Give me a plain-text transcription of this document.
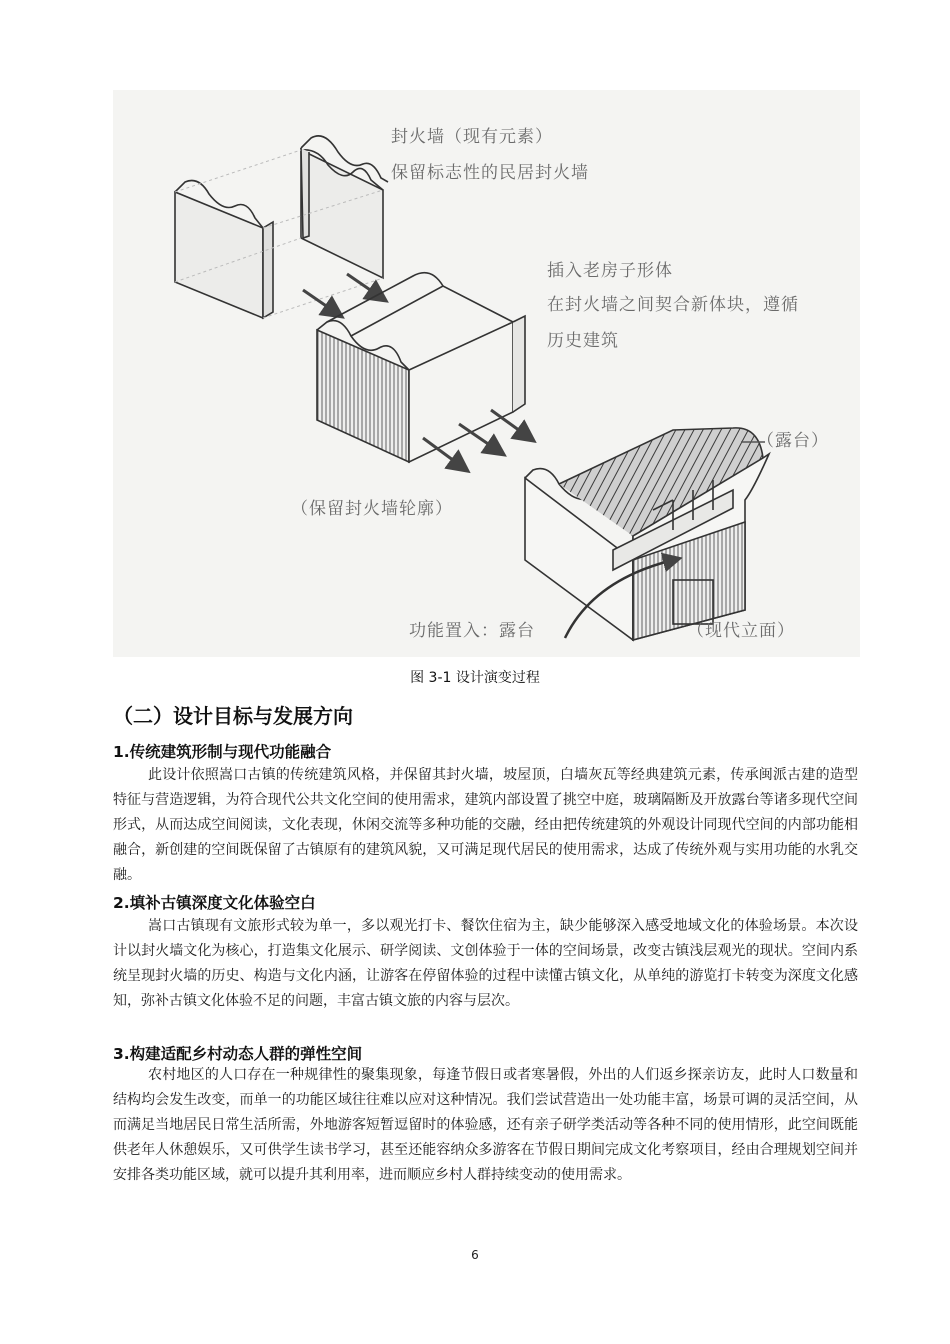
封火墙（现有元素）
保留标志性的民居封火墙
插入老房子形体
在封火墙之间契合新体块，遵循
历史建筑
（保留封火墙轮廓）
（露台）
功能置入：露台	（现代立面）
图 3-1 设计演变过程
（二）设计目标与发展方向
1.传统建筑形制与现代功能融合

此设计依照嵩口古镇的传统建筑风格，并保留其封火墙，坡屋顶，白墙灰瓦等经典建筑元素，传承闽派古建的造型特征与营造逻辑，为符合现代公共文化空间的使用需求，建筑内部设置了挑空中庭，玻璃隔断及开放露台等诸多现代空间形式，从而达成空间阅读，文化表现，休闲交流等多种功能的交融，经由把传统建筑的外观设计同现代空间的内部功能相融合，新创建的空间既保留了古镇原有的建筑风貌，又可满足现代居民的使用需求，达成了传统外观与实用功能的水乳交融。

2.填补古镇深度文化体验空白

嵩口古镇现有文旅形式较为单一，多以观光打卡、餐饮住宿为主，缺少能够深入感受地域文化的体验场景。本次设计以封火墙文化为核心，打造集文化展示、研学阅读、文创体验于一体的空间场景，改变古镇浅层观光的现状。空间内系统呈现封火墙的历史、构造与文化内涵，让游客在停留体验的过程中读懂古镇文化，从单纯的游览打卡转变为深度文化感知，弥补古镇文化体验不足的问题，丰富古镇文旅的内容与层次。

3.构建适配乡村动态人群的弹性空间

农村地区的人口存在一种规律性的聚集现象，每逢节假日或者寒暑假，外出的人们返乡探亲访友，此时人口数量和结构均会发生改变，而单一的功能区域往往难以应对这种情况。我们尝试营造出一处功能丰富，场景可调的灵活空间，从而满足当地居民日常生活所需，外地游客短暂逗留时的体验感，还有亲子研学类活动等各种不同的使用情形，此空间既能供老年人休憩娱乐，又可供学生读书学习，甚至还能容纳众多游客在节假日期间完成文化考察项目，经由合理规划空间并安排各类功能区域，就可以提升其利用率，进而顺应乡村人群持续变动的使用需求。

6
